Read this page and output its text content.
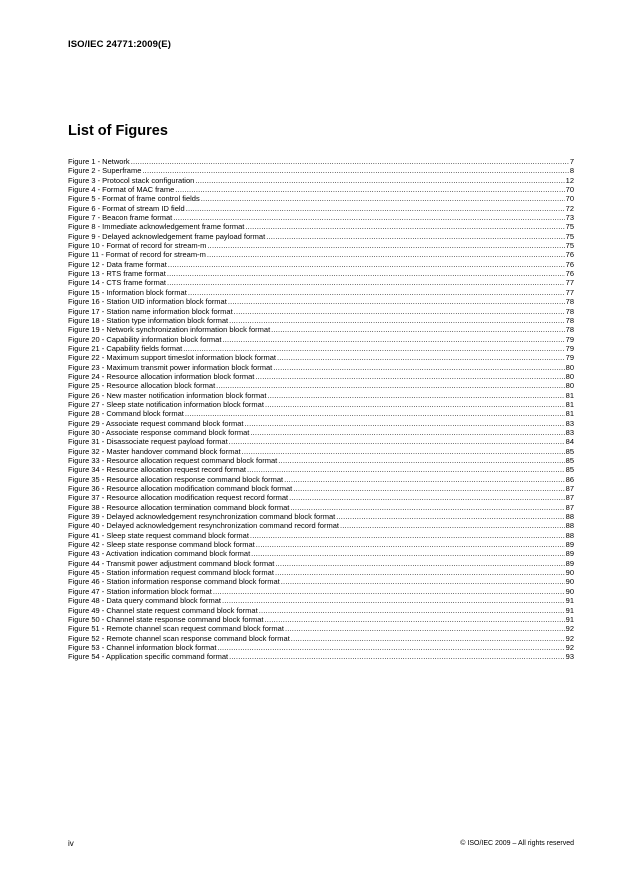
ISO/IEC 24771:2009(E)
List of Figures
Figure 1 - Network .....	7
Figure 2 - Superframe .....	8
Figure 3 - Protocol stack configuration .....	12
Figure 4 - Format of MAC frame .....	70
Figure 5 - Format of frame control fields .....	70
Figure 6 - Format of stream ID field .....	72
Figure 7 - Beacon frame format .....	73
Figure 8 - Immediate acknowledgement frame format .....	75
Figure 9 - Delayed acknowledgement frame payload format .....	75
Figure 10 - Format of record for stream-m .....	75
Figure 11 - Format of record for stream-m .....	76
Figure 12 - Data frame format .....	76
Figure 13 - RTS frame format .....	76
Figure 14 - CTS frame format .....	77
Figure 15 - Information block format .....	77
Figure 16 - Station UID information block format .....	78
Figure 17 - Station name information block format .....	78
Figure 18 - Station type information block format .....	78
Figure 19 - Network synchronization information block format .....	78
Figure 20 - Capability information block format .....	79
Figure 21 - Capability fields format .....	79
Figure 22 - Maximum support timeslot information block format .....	79
Figure 23 - Maximum transmit power information block format .....	80
Figure 24 - Resource allocation information block format .....	80
Figure 25 - Resource allocation block format .....	80
Figure 26 - New master notification information block format .....	81
Figure 27 - Sleep state notification information block format .....	81
Figure 28 - Command block format .....	81
Figure 29 - Associate request command block format .....	83
Figure 30 - Associate response command block format .....	83
Figure 31 - Disassociate request payload format .....	84
Figure 32 - Master handover command block format .....	85
Figure 33 - Resource allocation request command block format .....	85
Figure 34 - Resource allocation request record format .....	85
Figure 35 - Resource allocation response command block format .....	86
Figure 36 - Resource allocation modification command block format .....	87
Figure 37 - Resource allocation modification request record format .....	87
Figure 38 - Resource allocation termination command block format .....	87
Figure 39 - Delayed acknowledgement resynchronization command block format .....	88
Figure 40 - Delayed acknowledgement resynchronization command record format .....	88
Figure 41 - Sleep state request command block format .....	88
Figure 42 - Sleep state response command block format .....	89
Figure 43 - Activation indication command block format .....	89
Figure 44 - Transmit power adjustment command block format .....	89
Figure 45 - Station information request command block format .....	90
Figure 46 - Station information response command block format .....	90
Figure 47 - Station information block format .....	90
Figure 48 - Data query command block format .....	91
Figure 49 - Channel state request command block format .....	91
Figure 50 - Channel state response command block format .....	91
Figure 51 - Remote channel scan request command block format .....	92
Figure 52 - Remote channel scan response command block format .....	92
Figure 53 - Channel information block format .....	92
Figure 54 - Application specific command format .....	93
iv	© ISO/IEC 2009 – All rights reserved
